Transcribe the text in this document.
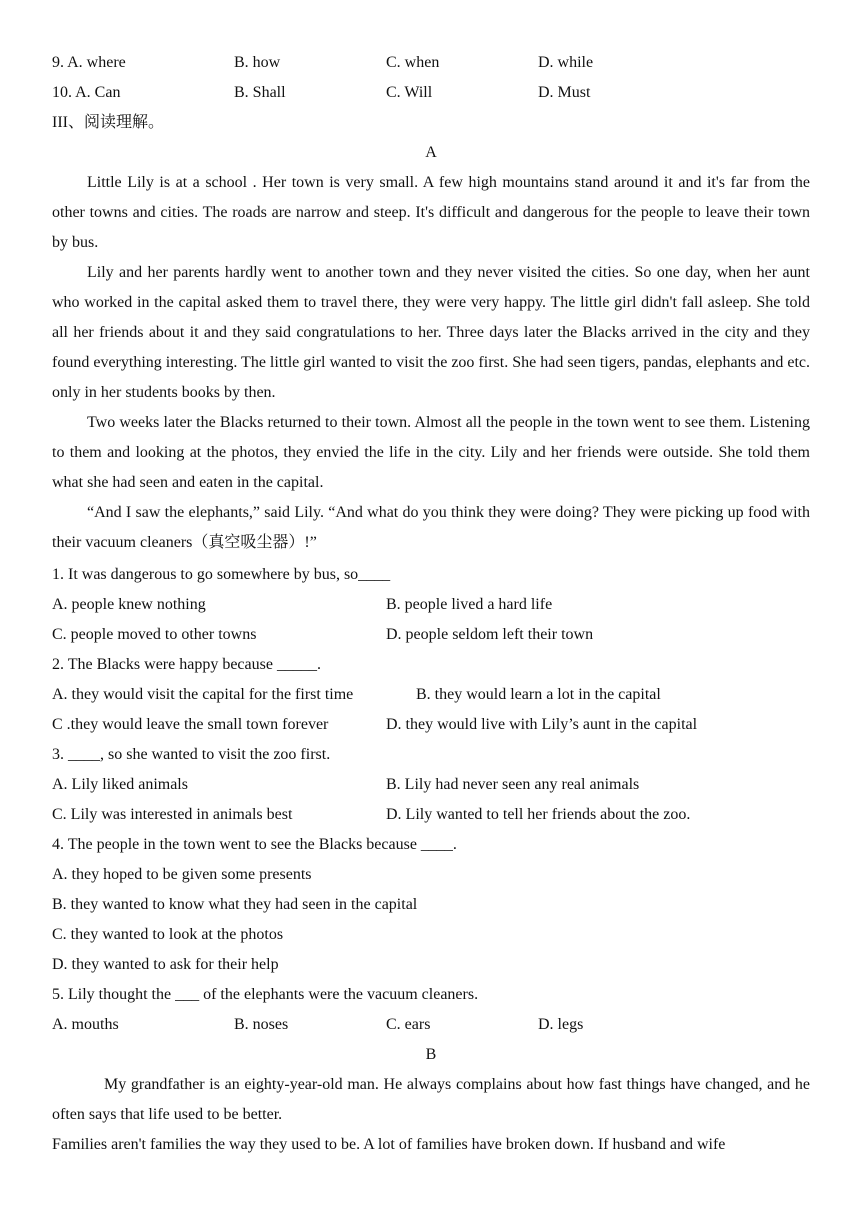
9. A. where	B. how	C. when	D. while
10. A. Can	B. Shall	C. Will	D. Must
III、阅读理解。
A

Little Lily is at a school . Her town is very small. A few high mountains stand around it and it's far from the other towns and cities. The roads are narrow and steep. It's difficult and dangerous for the people to leave their town by bus.

Lily and her parents hardly went to another town and they never visited the cities. So one day, when her aunt who worked in the capital asked them to travel there, they were very happy. The little girl didn't fall asleep. She told all her friends about it and they said congratulations to her. Three days later the Blacks arrived in the city and they found everything interesting. The little girl wanted to visit the zoo first. She had seen tigers, pandas, elephants and etc. only in her students books by then.

Two weeks later the Blacks returned to their town. Almost all the people in the town went to see them. Listening to them and looking at the photos, they envied the life in the city. Lily and her friends were outside. She told them what she had seen and eaten in the capital.

“And I saw the elephants,” said Lily. “And what do you think they were doing? They were picking up food with their vacuum cleaners（真空吸尘器）!”

1. It was dangerous to go somewhere by bus, so____
A. people knew nothing	B. people lived a hard life
C. people moved to other towns	D. people seldom left their town
2. The Blacks were happy because _____.
A. they would visit the capital for the first time	B. they would learn a lot in the capital
C .they would leave the small town forever	D. they would live with Lily’s aunt in the capital
3. ____, so she wanted to visit the zoo first.
A. Lily liked animals	B. Lily had never seen any real animals
C. Lily was interested in animals best	D. Lily wanted to tell her friends about the zoo.
4. The people in the town went to see the Blacks because ____.
A. they hoped to be given some presents
B. they wanted to know what they had seen in the capital
C. they wanted to look at the photos
D. they wanted to ask for their help
5. Lily thought the ___ of the elephants were the vacuum cleaners.
A. mouths	B. noses	C. ears	D. legs
B

My grandfather is an eighty-year-old man. He always complains about how fast things have changed, and he often says that life used to be better.

Families aren't families the way they used to be. A lot of families have broken down. If husband and wife
